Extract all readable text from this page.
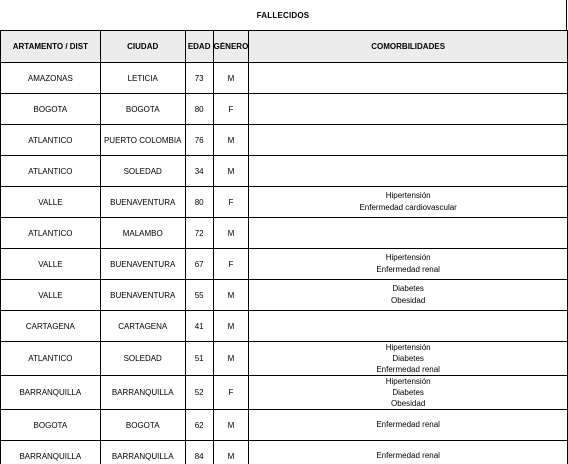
FALLECIDOS
ARTAMENTO / DIST	CIUDAD	EDAD	GÉNERO	COMORBILIDADES

AMAZONAS	LETICIA	73	M	
BOGOTA	BOGOTA	80	F	
ATLANTICO	PUERTO COLOMBIA	76	M	
ATLANTICO	SOLEDAD	34	M	
VALLE	BUENAVENTURA	80	F	Hipertensión
Enfermedad cardiovascular

ATLANTICO	MALAMBO	72	M	
VALLE	BUENAVENTURA	67	F	Hipertensión
Enfermedad renal

VALLE	BUENAVENTURA	55	M	Diabetes
Obesidad

CARTAGENA	CARTAGENA	41	M	
ATLANTICO	SOLEDAD	51	M	Hipertensión
Diabetes
Enfermedad renal

BARRANQUILLA	BARRANQUILLA	52	F	Hipertensión
Diabetes
Obesidad

BOGOTA	BOGOTA	62	M	Enfermedad renal

BARRANQUILLA	BARRANQUILLA	84	M	Enfermedad renal
